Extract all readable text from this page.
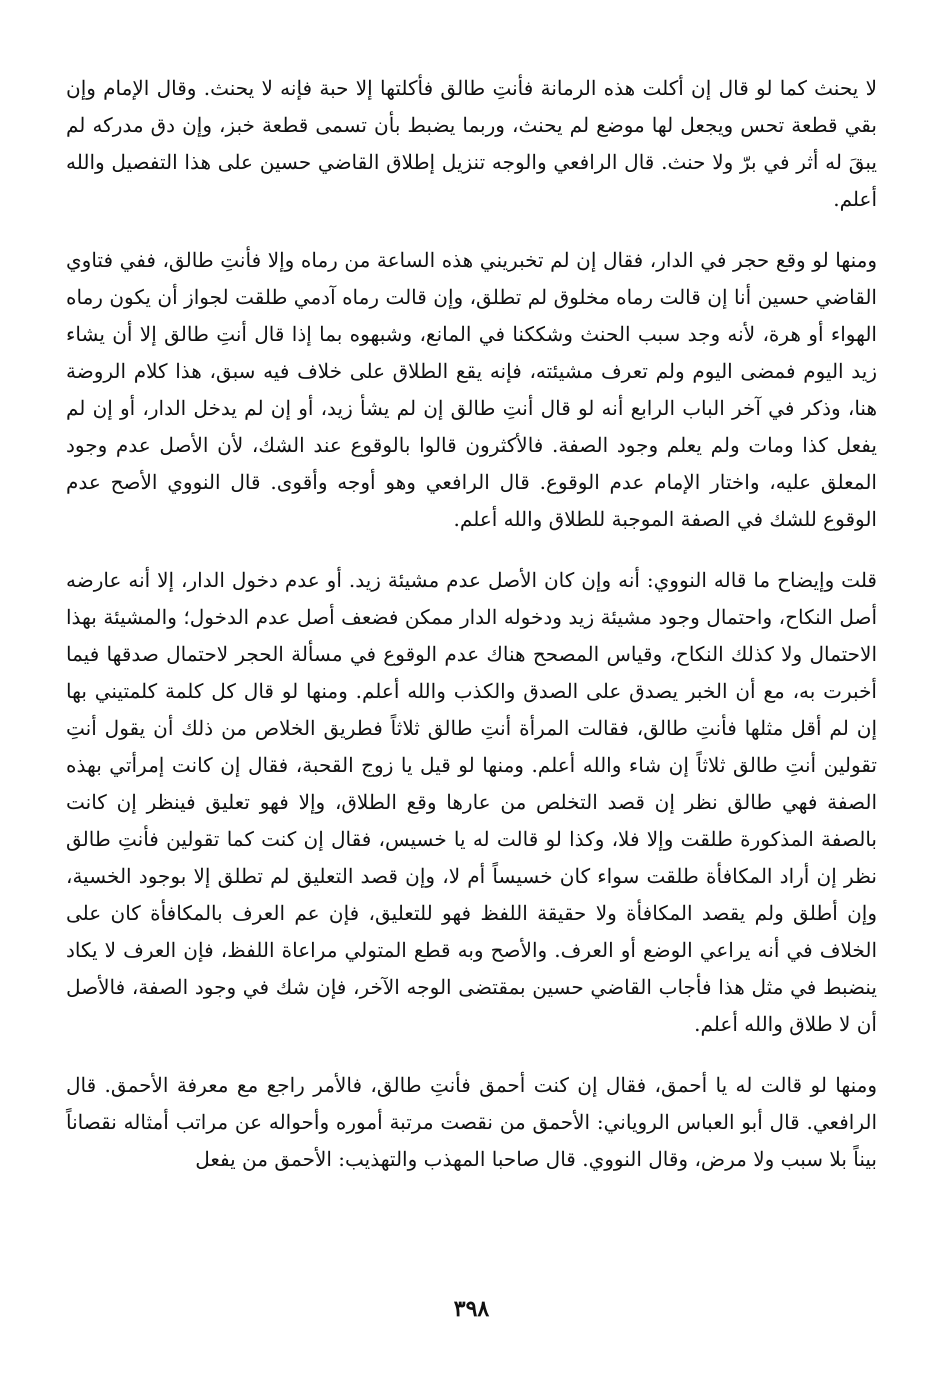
لا يحنث كما لو قال إن أكلت هذه الرمانة فأنتِ طالق فأكلتها إلا حبة فإنه لا يحنث. وقال الإمام وإن بقي قطعة تحس ويجعل لها موضع لم يحنث، وربما يضبط بأن تسمى قطعة خبز، وإن دق مدركه لم يبقَ له أثر في برّ ولا حنث. قال الرافعي والوجه تنزيل إطلاق القاضي حسين على هذا التفصيل والله أعلم.

ومنها لو وقع حجر في الدار، فقال إن لم تخبريني هذه الساعة من رماه وإلا فأنتِ طالق، ففي فتاوي القاضي حسين أنا إن قالت رماه مخلوق لم تطلق، وإن قالت رماه آدمي طلقت لجواز أن يكون رماه الهواء أو هرة، لأنه وجد سبب الحنث وشككنا في المانع، وشبهوه بما إذا قال أنتِ طالق إلا أن يشاء زيد اليوم فمضى اليوم ولم تعرف مشيئته، فإنه يقع الطلاق على خلاف فيه سبق، هذا كلام الروضة هنا، وذكر في آخر الباب الرابع أنه لو قال أنتِ طالق إن لم يشأ زيد، أو إن لم يدخل الدار، أو إن لم يفعل كذا ومات ولم يعلم وجود الصفة. فالأكثرون قالوا بالوقوع عند الشك، لأن الأصل عدم وجود المعلق عليه، واختار الإمام عدم الوقوع. قال الرافعي وهو أوجه وأقوى. قال النووي الأصح عدم الوقوع للشك في الصفة الموجبة للطلاق والله أعلم.

قلت وإيضاح ما قاله النووي: أنه وإن كان الأصل عدم مشيئة زيد. أو عدم دخول الدار، إلا أنه عارضه أصل النكاح، واحتمال وجود مشيئة زيد ودخوله الدار ممكن فضعف أصل عدم الدخول؛ والمشيئة بهذا الاحتمال ولا كذلك النكاح، وقياس المصحح هناك عدم الوقوع في مسألة الحجر لاحتمال صدقها فيما أخبرت به، مع أن الخبر يصدق على الصدق والكذب والله أعلم. ومنها لو قال كل كلمة كلمتيني بها إن لم أقل مثلها فأنتِ طالق، فقالت المرأة أنتِ طالق ثلاثاً فطريق الخلاص من ذلك أن يقول أنتِ تقولين أنتِ طالق ثلاثاً إن شاء والله أعلم. ومنها لو قيل يا زوج القحبة، فقال إن كانت إمرأتي بهذه الصفة فهي طالق نظر إن قصد التخلص من عارها وقع الطلاق، وإلا فهو تعليق فينظر إن كانت بالصفة المذكورة طلقت وإلا فلا، وكذا لو قالت له يا خسيس، فقال إن كنت كما تقولين فأنتِ طالق نظر إن أراد المكافأة طلقت سواء كان خسيساً أم لا، وإن قصد التعليق لم تطلق إلا بوجود الخسية، وإن أطلق ولم يقصد المكافأة ولا حقيقة اللفظ فهو للتعليق، فإن عم العرف بالمكافأة كان على الخلاف في أنه يراعي الوضع أو العرف. والأصح وبه قطع المتولي مراعاة اللفظ، فإن العرف لا يكاد ينضبط في مثل هذا فأجاب القاضي حسين بمقتضى الوجه الآخر، فإن شك في وجود الصفة، فالأصل أن لا طلاق والله أعلم.

ومنها لو قالت له يا أحمق، فقال إن كنت أحمق فأنتِ طالق، فالأمر راجع مع معرفة الأحمق. قال الرافعي. قال أبو العباس الروياني: الأحمق من نقصت مرتبة أموره وأحواله عن مراتب أمثاله نقصاناً بيناً بلا سبب ولا مرض، وقال النووي. قال صاحبا المهذب والتهذيب: الأحمق من يفعل

٣٩٨
